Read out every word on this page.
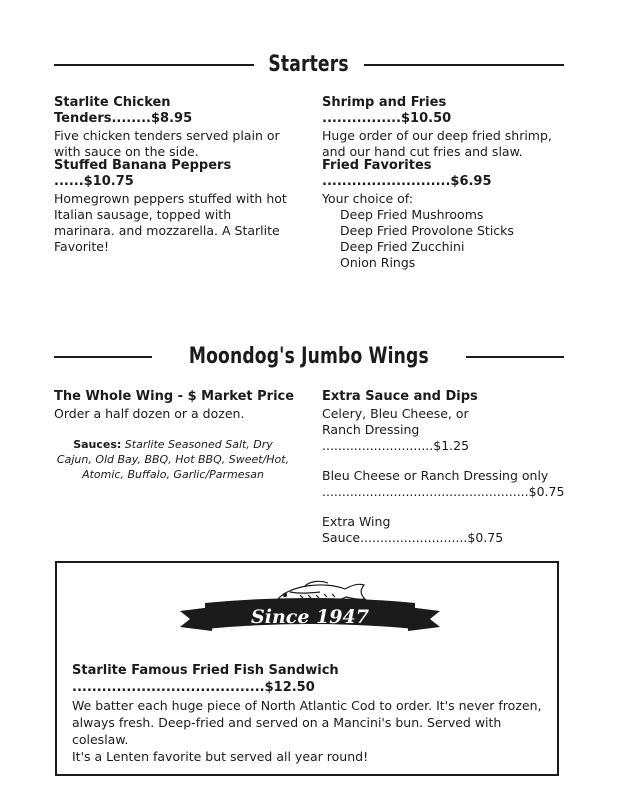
Starters
Starlite Chicken Tenders........$8.95
Five chicken tenders served plain or with sauce on the side.
Stuffed Banana Peppers ......$10.75
Homegrown peppers stuffed with hot Italian sausage, topped with marinara. and mozzarella. A Starlite Favorite!
Shrimp and Fries ................$10.50
Huge order of our deep fried shrimp, and our hand cut fries and slaw.
Fried Favorites ..........................$6.95
Your choice of:
Deep Fried Mushrooms
Deep Fried Provolone Sticks
Deep Fried Zucchini
Onion Rings
Moondog's Jumbo Wings
The Whole Wing - $ Market Price
Order a half dozen or a dozen.
Sauces: Starlite Seasoned Salt, Dry Cajun, Old Bay, BBQ, Hot BBQ, Sweet/Hot, Atomic, Buffalo, Garlic/Parmesan
Extra Sauce and Dips
Celery, Bleu Cheese, or
Ranch Dressing ............................$1.25
Bleu Cheese or Ranch Dressing only
....................................................$0.75
Extra Wing Sauce...........................$0.75
Since 1947
Starlite Famous Fried Fish Sandwich .......................................$12.50
We batter each huge piece of North Atlantic Cod to order. It's never frozen,
always fresh. Deep-fried and served on a Mancini's bun. Served with coleslaw.
It's a Lenten favorite but served all year round!
